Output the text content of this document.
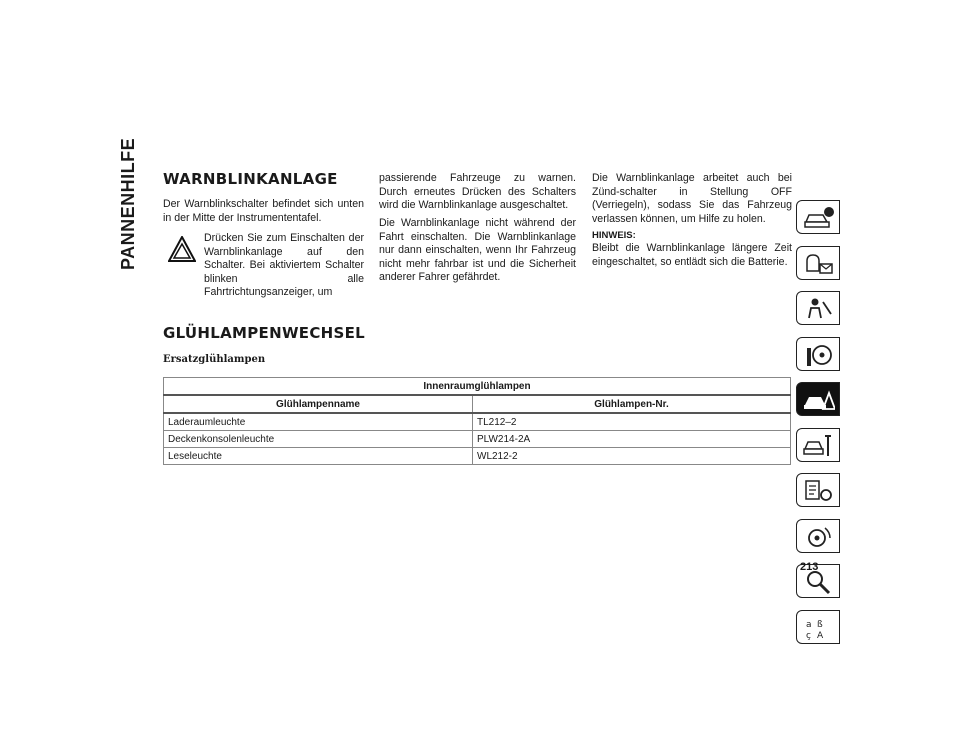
PANNENHILFE WARNBLINKANLAGE
Der Warnblinkschalter befindet sich unten in der Mitte der Instrumententafel.
Drücken Sie zum Einschalten der Warnblinkanlage auf den Schalter. Bei aktiviertem Schalter blinken alle Fahrtrichtungsanzeiger, um
passierende Fahrzeuge zu warnen. Durch erneutes Drücken des Schalters wird die Warnblinkanlage ausgeschaltet.
Die Warnblinkanlage nicht während der Fahrt einschalten. Die Warnblinkanlage nur dann einschalten, wenn Ihr Fahrzeug nicht mehr fahrbar ist und die Sicherheit anderer Fahrer gefährdet.
Die Warnblinkanlage arbeitet auch bei Zünd-schalter in Stellung OFF (Verriegeln), sodass Sie das Fahrzeug verlassen können, um Hilfe zu holen.
HINWEIS:
Bleibt die Warnblinkanlage längere Zeit eingeschaltet, so entlädt sich die Batterie.
GLÜHLAMPENWECHSEL
Ersatzglühlampen
Innenraumglühlampen	
Glühlampenname	Glühlampen-Nr.
Laderaumleuchte	TL212–2
Deckenkonsolenleuchte	PLW214-2A
Leseleuchte	WL212-2
a ß
ç A
213
